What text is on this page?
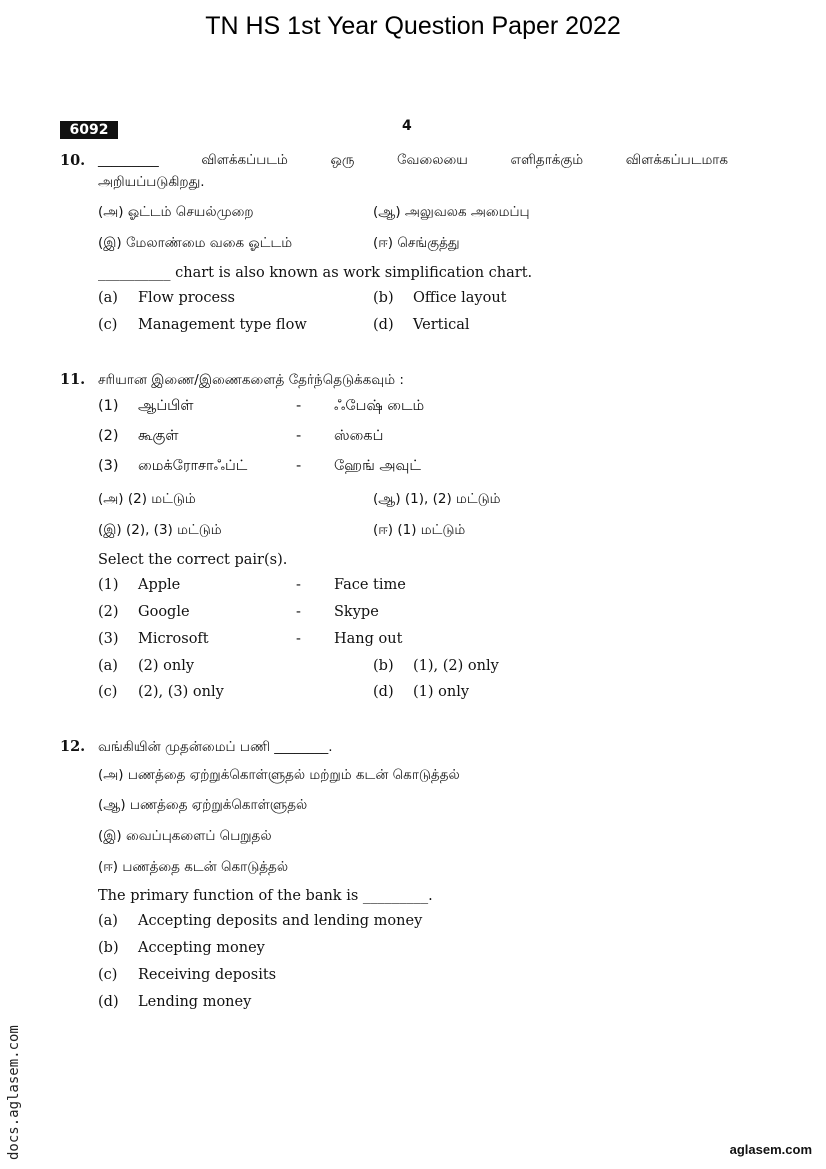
TN HS 1st Year Question Paper 2022
6092	4
10. _________	விளக்கப்படம்	ஒரு	வேலையை	எளிதாக்கும்	விளக்கப்படமாக
அறியப்படுகிறது.
(அ) ஓட்டம் செயல்முறை	(ஆ) அலுவலக அமைப்பு
(இ) மேலாண்மை வகை ஓட்டம்	(ஈ) செங்குத்து
__________ chart is also known as work simplification chart.
(a)	Flow process	(b)	Office layout
(c)	Management type flow	(d)	Vertical
11. சரியான இணை/இணைகளைத் தேர்ந்தெடுக்கவும் :
(1)	ஆப்பிள்	-	ஃபேஷ் டைம்
(2)	கூகுள்	-	ஸ்கைப்
(3)	மைக்ரோசாஃப்ட்	-	ஹேங் அவுட்
(அ) (2) மட்டும்	(ஆ) (1), (2) மட்டும்
(இ) (2), (3) மட்டும்	(ஈ) (1) மட்டும்
Select the correct pair(s).
(1)	Apple	-	Face time
(2)	Google	-	Skype
(3)	Microsoft	-	Hang out
(a)	(2) only	(b)	(1), (2) only
(c)	(2), (3) only	(d)	(1) only
12. வங்கியின் முதன்மைப் பணி ________.
(அ) பணத்தை ஏற்றுக்கொள்ளுதல் மற்றும் கடன் கொடுத்தல்
(ஆ) பணத்தை ஏற்றுக்கொள்ளுதல்
(இ) வைப்புகளைப் பெறுதல்
(ஈ) பணத்தை கடன் கொடுத்தல்
The primary function of the bank is _________.
(a)	Accepting deposits and lending money
(b)	Accepting money
(c)	Receiving deposits
(d)	Lending money
docs.aglasem.com	aglasem.com
